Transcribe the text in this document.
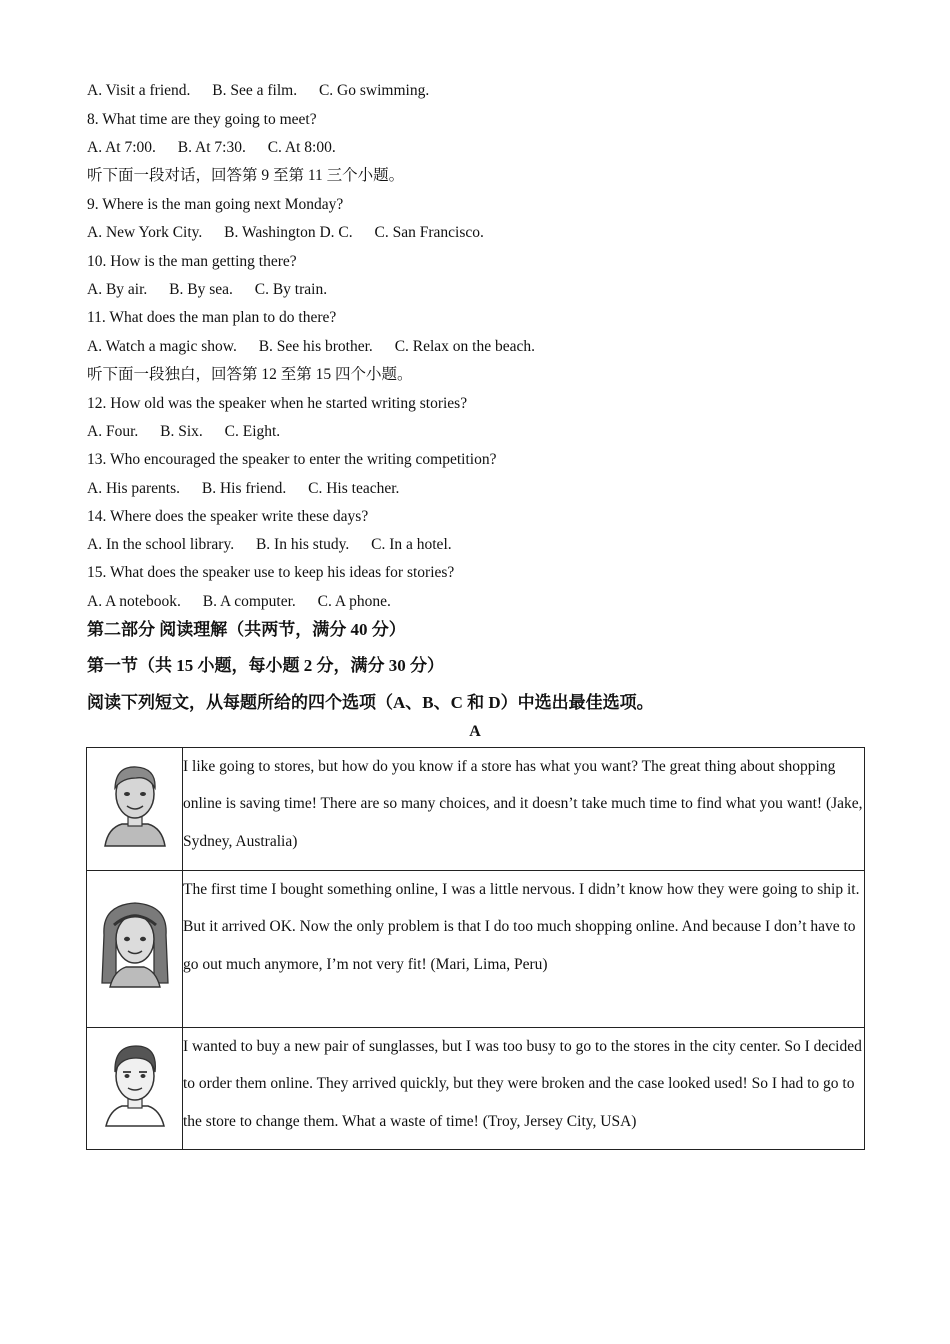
A. Visit a friend. B. See a film. C. Go swimming.
8. What time are they going to meet?
A. At 7:00. B. At 7:30. C. At 8:00.
听下面一段对话，回答第 9 至第 11 三个小题。
9. Where is the man going next Monday?
A. New York City. B. Washington D. C. C. San Francisco.
10. How is the man getting there?
A. By air. B. By sea. C. By train.
11. What does the man plan to do there?
A. Watch a magic show. B. See his brother. C. Relax on the beach.
听下面一段独白，回答第 12 至第 15 四个小题。
12. How old was the speaker when he started writing stories?
A. Four. B. Six. C. Eight.
13. Who encouraged the speaker to enter the writing competition?
A. His parents. B. His friend. C. His teacher.
14. Where does the speaker write these days?
A. In the school library. B. In his study. C. In a hotel.
15. What does the speaker use to keep his ideas for stories?
A. A notebook. B. A computer. C. A phone.
第二部分 阅读理解（共两节，满分 40 分）
第一节（共 15 小题，每小题 2 分，满分 30 分）
阅读下列短文，从每题所给的四个选项（A、B、C 和 D）中选出最佳选项。
A
	I like going to stores, but how do you know if a store has what you want? The great thing about shopping online is saving time! There are so many choices, and it doesn’t take much time to find what you want! (Jake, Sydney, Australia)

	The first time I bought something online, I was a little nervous. I didn’t know how they were going to ship it. But it arrived OK. Now the only problem is that I do too much shopping online. And because I don’t have to go out much anymore, I’m not very fit! (Mari, Lima, Peru)

	I wanted to buy a new pair of sunglasses, but I was too busy to go to the stores in the city center. So I decided to order them online. They arrived quickly, but they were broken and the case looked used! So I had to go to the store to change them. What a waste of time! (Troy, Jersey City, USA)
